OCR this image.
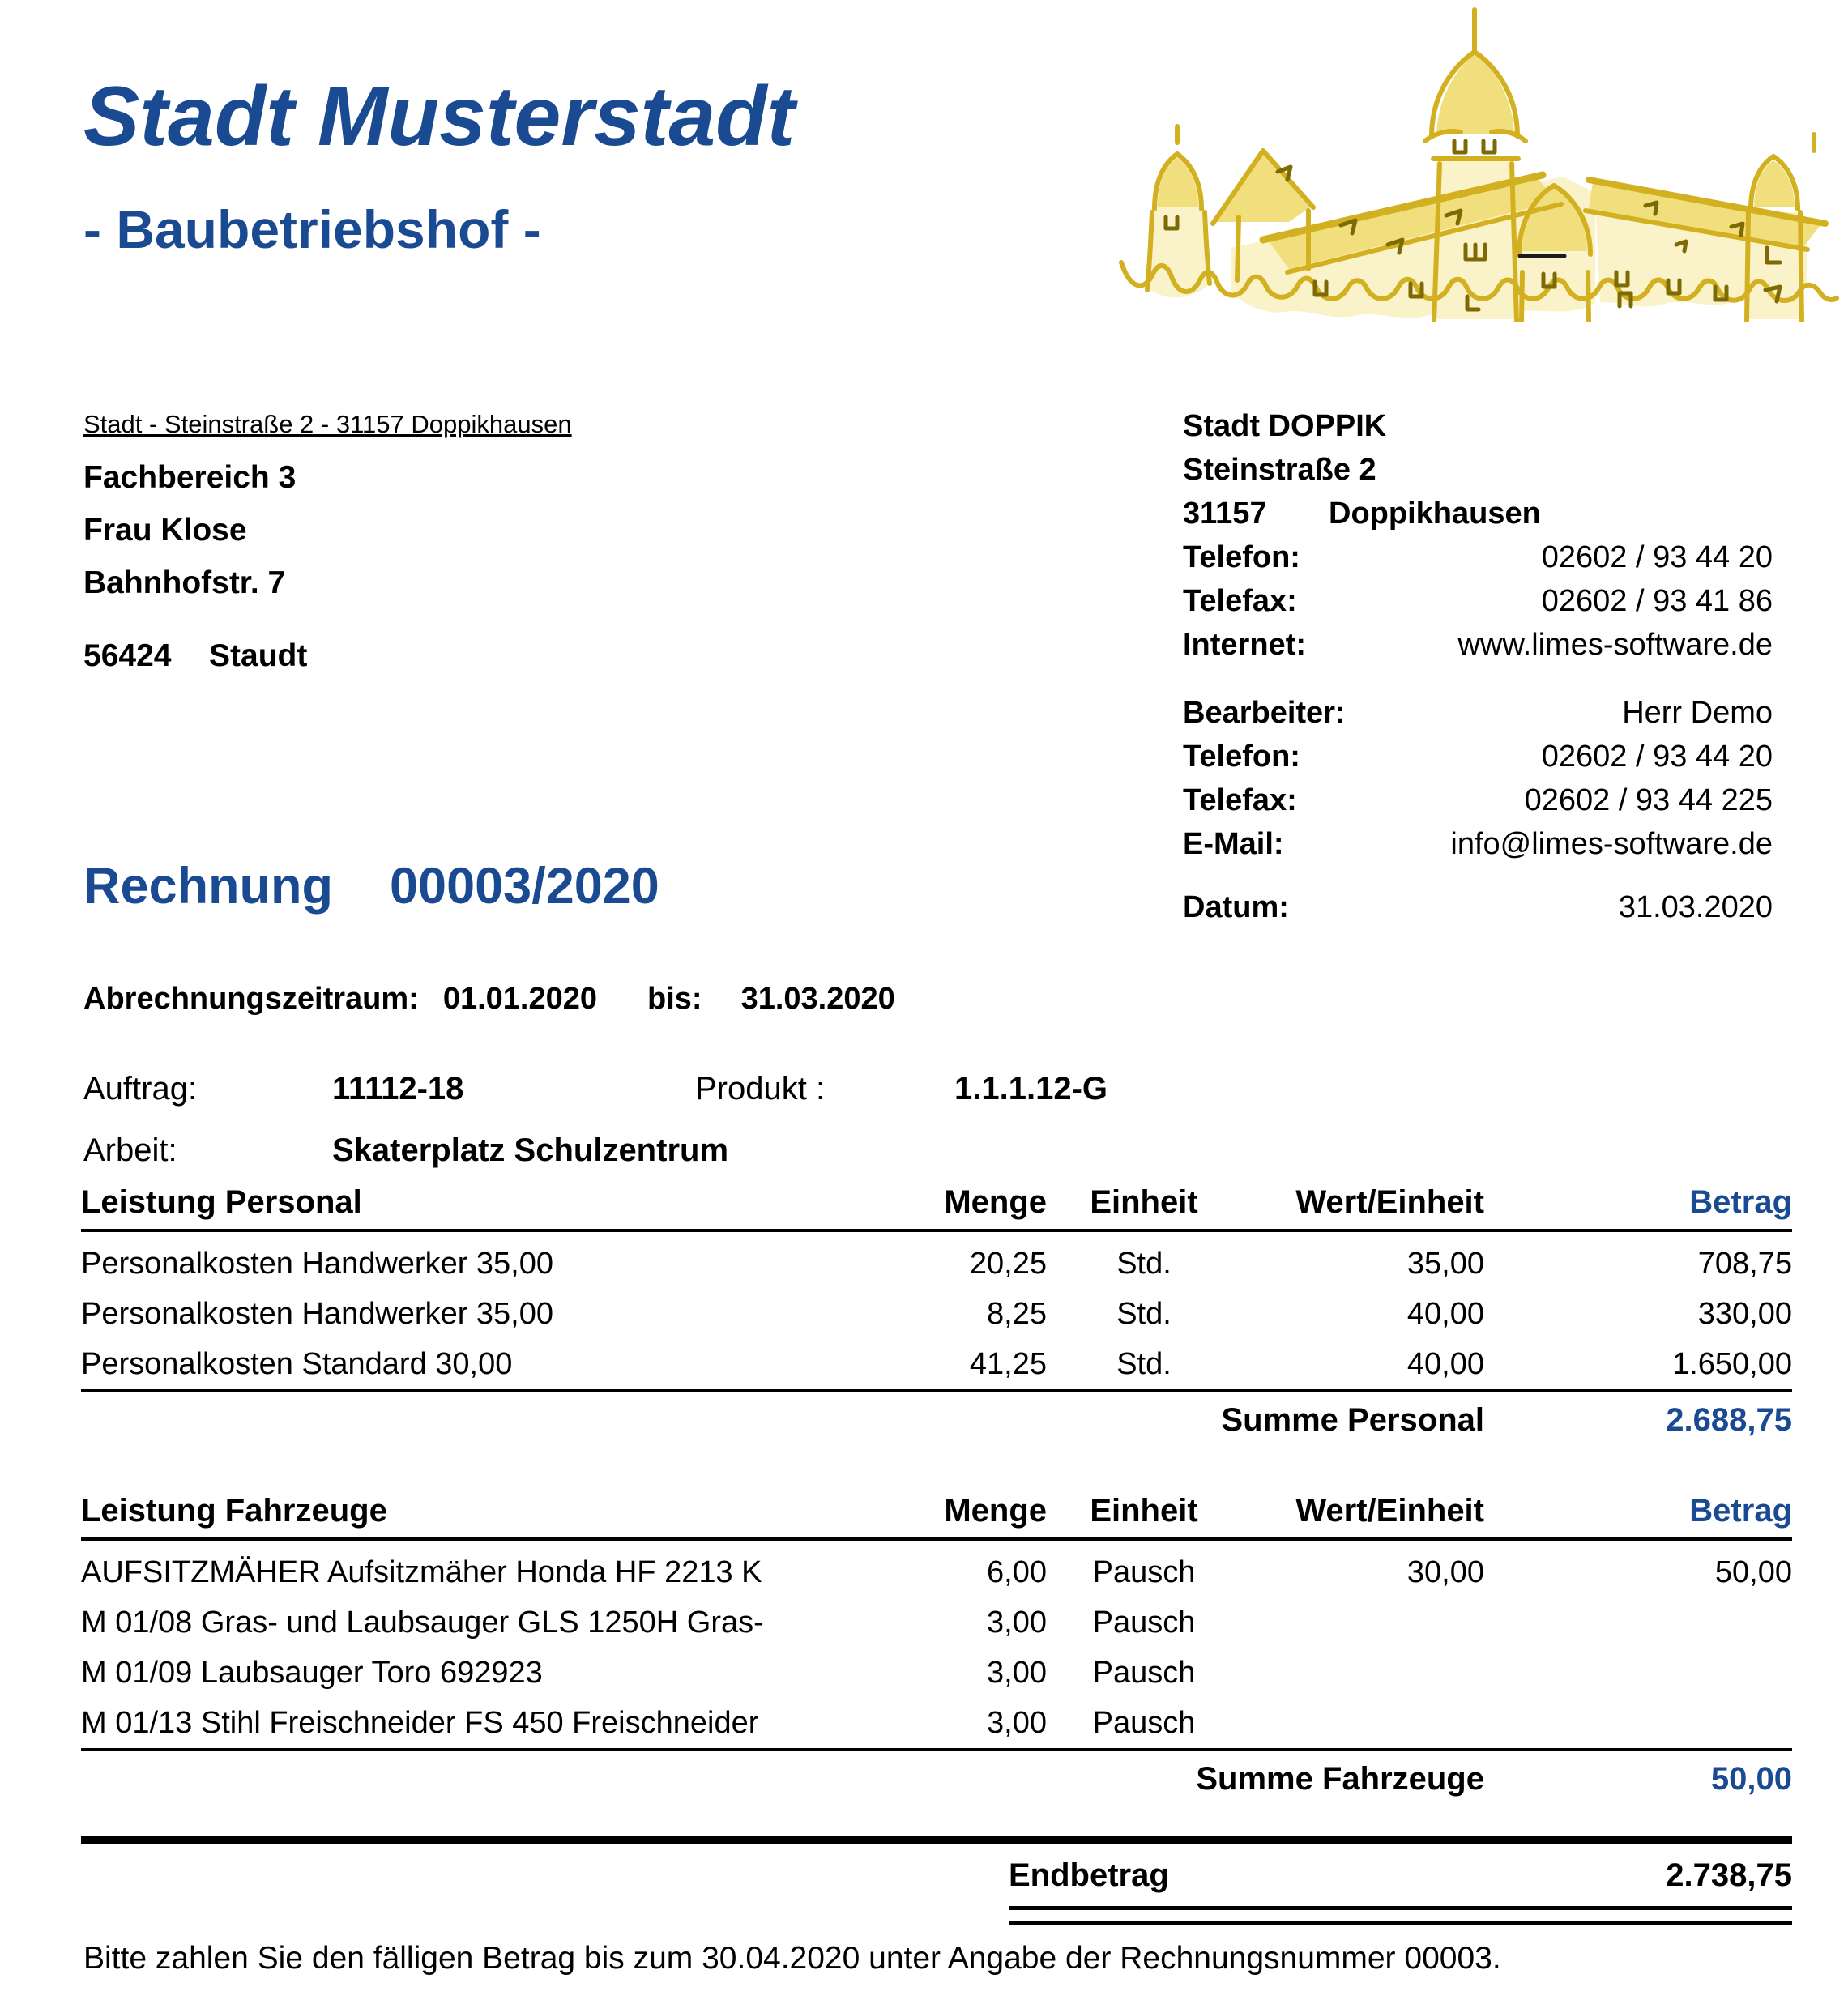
Stadt Musterstadt
- Baubetriebshof -
Stadt - Steinstraße 2 - 31157 Doppikhausen
Fachbereich 3
Frau Klose
Bahnhofstr. 7
56424 Staudt
Stadt DOPPIK
Steinstraße 2
31157	Doppikhausen
Telefon:	02602 / 93 44 20
Telefax:	02602 / 93 41 86
Internet:	www.limes-software.de
Bearbeiter:	Herr Demo
Telefon:	02602 / 93 44 20
Telefax:	02602 / 93 44 225
E-Mail:	info@limes-software.de
Datum:	31.03.2020
Rechnung 00003/2020
Abrechnungszeitraum: 01.01.2020 bis: 31.03.2020
Auftrag:	11112-18	Produkt :	1.1.1.12-G
Arbeit:	Skaterplatz Schulzentrum
Leistung Personal	Menge	Einheit	Wert/Einheit	Betrag
Personalkosten Handwerker 35,00	20,25	Std.	35,00	708,75
Personalkosten Handwerker 35,00	8,25	Std.	40,00	330,00
Personalkosten Standard 30,00	41,25	Std.	40,00	1.650,00
Summe Personal	2.688,75
Leistung Fahrzeuge	Menge	Einheit	Wert/Einheit	Betrag
AUFSITZMÄHER Aufsitzmäher Honda HF 2213 K	6,00	Pausch	30,00	50,00
M 01/08 Gras- und Laubsauger GLS 1250H Gras-	3,00	Pausch
M 01/09 Laubsauger Toro 692923	3,00	Pausch
M 01/13 Stihl Freischneider FS 450 Freischneider	3,00	Pausch
Summe Fahrzeuge	50,00
Endbetrag	2.738,75
Bitte zahlen Sie den fälligen Betrag bis zum 30.04.2020 unter Angabe der Rechnungsnummer 00003.
